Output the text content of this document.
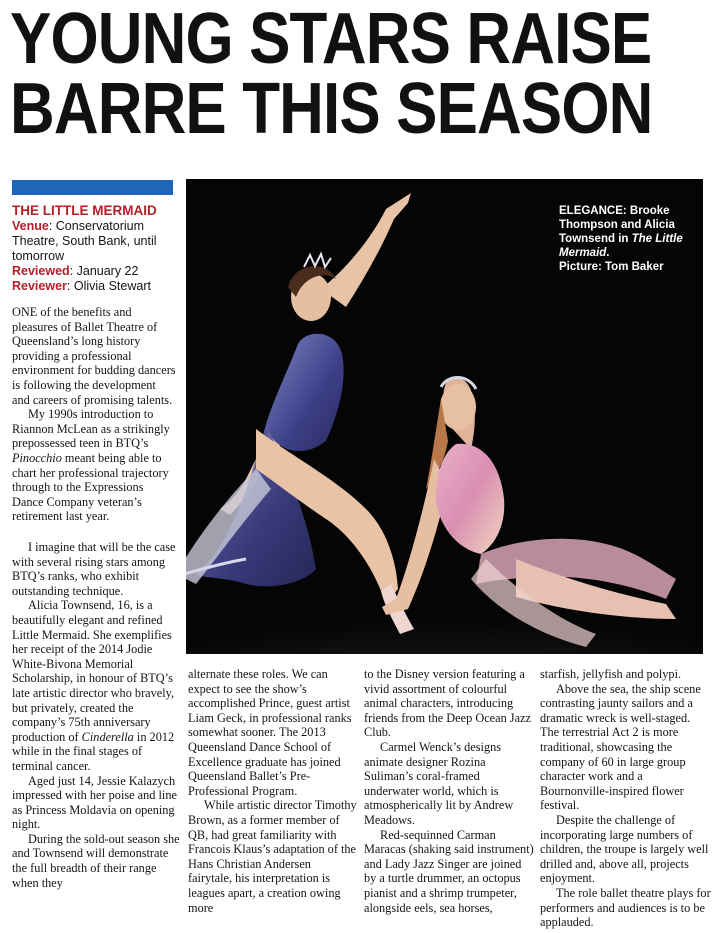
YOUNG STARS RAISE
BARRE THIS SEASON
THE LITTLE MERMAID
Venue: Conservatorium Theatre, South Bank, until tomorrow
Reviewed: January 22
Reviewer: Olivia Stewart
ELEGANCE: Brooke Thompson and Alicia Townsend in The Little Mermaid.
Picture: Tom Baker

ONE of the benefits and pleasures of Ballet Theatre of Queensland’s long history providing a professional environment for budding dancers is following the development and careers of promising talents.

My 1990s introduction to Riannon McLean as a strikingly prepossessed teen in BTQ’s Pinocchio meant being able to chart her professional trajectory through to the Expressions Dance Company veteran’s retirement last year.

I imagine that will be the case with several rising stars among BTQ’s ranks, who exhibit outstanding technique.

Alicia Townsend, 16, is a beautifully elegant and refined Little Mermaid. She exemplifies her receipt of the 2014 Jodie White-Bivona Memorial Scholarship, in honour of BTQ’s late artistic director who bravely, but privately, created the company’s 75th anniversary production of Cinderella in 2012 while in the final stages of terminal cancer.

Aged just 14, Jessie Kalazych impressed with her poise and line as Princess Moldavia on opening night.

During the sold-out season she and Townsend will demonstrate the full breadth of their range when they

alternate these roles. We can expect to see the show’s accomplished Prince, guest artist Liam Geck, in professional ranks somewhat sooner. The 2013 Queensland Dance School of Excellence graduate has joined Queensland Ballet’s Pre-Professional Program.

While artistic director Timothy Brown, as a former member of QB, had great familiarity with Francois Klaus’s adaptation of the Hans Christian Andersen fairytale, his interpretation is leagues apart, a creation owing more

to the Disney version featuring a vivid assortment of colourful animal characters, introducing friends from the Deep Ocean Jazz Club.

Carmel Wenck’s designs animate designer Rozina Suliman’s coral-framed underwater world, which is atmospherically lit by Andrew Meadows.

Red-sequinned Carman Maracas (shaking said instrument) and Lady Jazz Singer are joined by a turtle drummer, an octopus pianist and a shrimp trumpeter, alongside eels, sea horses,

starfish, jellyfish and polypi.

Above the sea, the ship scene contrasting jaunty sailors and a dramatic wreck is well-staged. The terrestrial Act 2 is more traditional, showcasing the company of 60 in large group character work and a Bournonville-inspired flower festival.

Despite the challenge of incorporating large numbers of children, the troupe is largely well drilled and, above all, projects enjoyment.

The role ballet theatre plays for performers and audiences is to be applauded.
